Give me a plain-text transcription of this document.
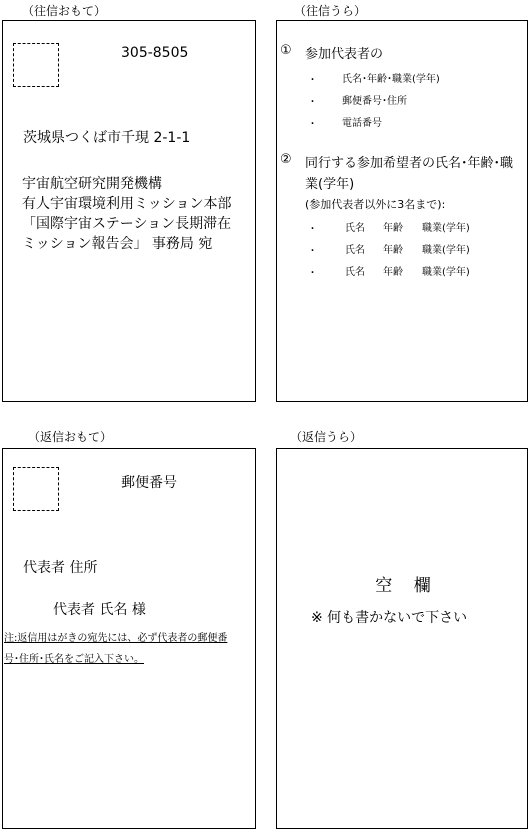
（往信おもて）
305-8505
茨城県つくば市千現 2-1-1
宇宙航空研究開発機構
有人宇宙環境利用ミッション本部
「国際宇宙ステーション長期滞在
ミッション報告会」 事務局 宛
（往信うら）
① 参加代表者の
･	氏名･年齢･職業(学年)
･	郵便番号･住所
･	電話番号
② 同行する参加希望者の氏名･年齢･職
業(学年)
(参加代表者以外に3名まで):
･	氏名 年齢 職業(学年)
･	氏名 年齢 職業(学年)
･	氏名 年齢 職業(学年)
（返信おもて）
郵便番号
代表者 住所
代表者 氏名 様
注:返信用はがきの宛先には、必ず代表者の郵便番
号･住所･氏名をご記入下さい。
（返信うら）
空    欄
※ 何も書かないで下さい
